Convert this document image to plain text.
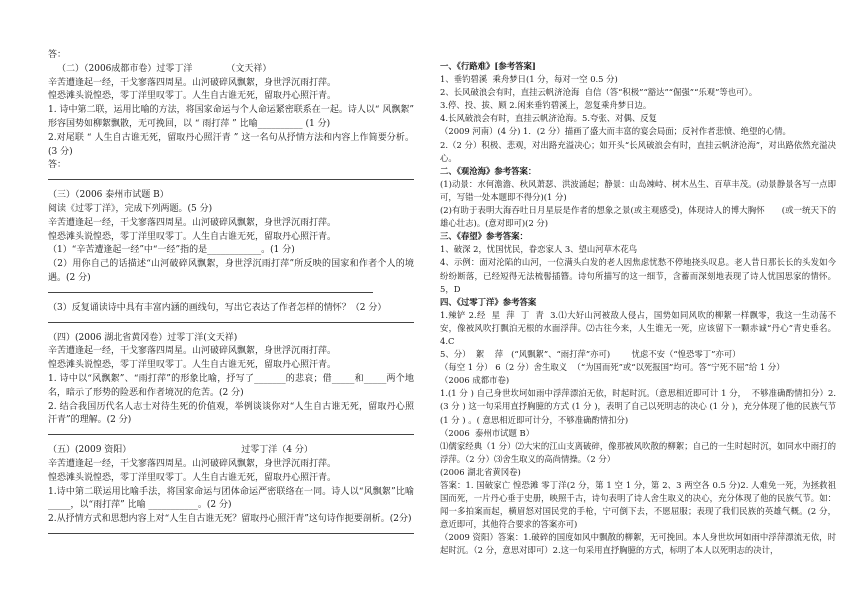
答：

（二）（2006成都市卷）过零丁洋	（文天祥）

辛苦遭逢起一经，干戈寥落四周星。山河破碎风飘絮，身世浮沉雨打萍。

惶恐滩头说惶恐，零丁洋里叹零丁。人生自古谁无死，留取丹心照汗青。

1. 诗中第二联，运用比喻的方法，将国家命运与个人命运紧密联系在一起。诗人以“ 风飘絮” 形容国势如柳絮飘散，无可挽回，以 “ 雨打萍 ” 比喻__________ (1 分)

2.对尾联 “ 人生自古谁无死，留取丹心照汗青 ” 这一名句从抒情方法和内容上作简要分析。 (3 分)

答：

（三）（2006 泰州市试题 B）

阅读《过零丁洋》，完成下列两题。(5 分)

辛苦遭逢起一经，干戈寥落四周星。山河破碎风飘絮，身世浮沉雨打萍。

惶恐滩头说惶恐，零丁洋里叹零丁。人生自古谁无死，留取丹心照汗青。

（1）“辛苦遭逢起一经”中“一经”指的是____________。(1 分)

（2）用你自己的话描述“山河破碎风飘絮，身世浮沉雨打萍”所反映的国家和作者个人的境遇。(2 分)

（3）反复诵读诗中具有丰富内涵的画线句，写出它表达了作者怎样的情怀？（2 分）

（四）(2006 湖北省黄冈卷）过零丁洋(文天祥)

辛苦遭逢起一经，干戈寥落四周星。山河破碎风飘絮，身世浮沉雨打萍。

惶恐滩头说惶恐，零丁洋里叹零丁。人生自古谁无死，留取丹心照汗青。

1. 诗中以“风飘絮”、“雨打萍”的形象比喻，抒写了_______的悲哀；借_____和_____两个地名，暗示了形势的险恶和作者境况的危苦。(2 分)

2. 结合我国历代名人志士对待生死的价值观，举例谈谈你对“人生自古谁无死，留取丹心照汗青”的理解。(2 分)

（五）(2009 资阳）	过零丁洋（4 分）

辛苦遭逢起一经，干戈寥落四周星。山河破碎风飘絮，身世浮沉雨打萍。

惶恐滩头说惶恐，零丁洋里叹零丁。人生自古谁无死，留取丹心照汗青。

1.诗中第二联运用比喻手法，将国家命运与团体命运严密联络在一同。诗人以“风飘絮”比喻_____，以“雨打萍” 比喻 ___________。(2 分)

2.从抒情方式和思想内容上对“人生自古谁无死？留取丹心照汗青”这句诗作扼要剖析。(2分)

一、《行路难》[参考答案]

1、垂钓碧溪  乘舟梦日(1 分，每对一空 0.5 分)

2、长风破浪会有时，直挂云帆济沧海  自信（答“积极”“豁达”“倔强”“乐观”等也可）。

3.停、投、拔、顾 2.闲来垂钓碧溪上，忽复乘舟梦日边。

4.长风破浪会有时，直挂云帆济沧海。5.夸张、对偶、反复

（2009 河南）(4 分) 1．(2 分）描画了盛大而丰富的宴会局面；反衬作者悲愤、绝望的心情。

2.（2 分）积极、悲观，对出路充溢决心；如开头“长风破浪会有时，直挂云帆济沧海”，对出路依然充溢决心。

二、《观沧海》参考答案：

(1)动景：水何澹澹、秋风萧瑟、洪波涌起；静景：山岛竦峙、树木丛生、百草丰茂。(动景静景各写一点即可，写错一处本题即不得分)(1 分)

(2)有助于表明大海吞吐日月星辰是作者的想象之景(或主观感受)，体现诗人的博大胸怀　　(或一统天下的雄心壮志)。(意对即可)(2 分)

三、《春望》参考答案：

1、破深 2，忧国忧民，眷恋家人 3、望山河草木花鸟

4、示例：面对沦陷的山河，一位满头白发的老人因焦虑忧愁不停地挠头叹息。老人昔日那长长的头发如今纷纷断落，已经短得无法梳髻插簪。诗句所描写的这一细节，含蓄而深刻地表现了诗人忧国思家的情怀。5，D

四、《过零丁洋》参考答案

1.辣铲 2.经  星  萍  丁  青  3.⑴大好山河被敌人侵占，国势如同风吹的柳絮一样飘零，我这一生动荡不安，像被风吹打飘泊无根的水面浮萍。⑵古往今来，人生谁无一死，应该留下一颗赤诚“丹心”青史垂名。4.C

5、分）  絮    萍   (“风飘絮”、“雨打萍”亦可)        忧虑不安（“惶恐零丁”亦可）

（每空 1 分） 6（2 分）舍生取义  （“为国而死”或“以死报国”均可。答“宁死不屈”给 1 分）

（2006 成都市卷)

1.(1 分 ) 自己身世坎坷如雨中浮萍漂泊无依，时起时沉。（意思相近即可计 1 分，  不够准确酌情扣分）2.(3 分 ) 这一句采用直抒胸臆的方式 (1 分 )，表明了自己以死明志的决心 (1 分 )，充分体现了他的民族气节 (1 分 ) 。( 意思相近即可计分，不够准确酌情扣分)

（2006  泰州市试题 B）

⑴儒家经典（1 分）⑵大宋的江山支离破碎，像那被风吹散的柳絮；自己的一生时起时沉，如同水中雨打的浮萍。（2 分）⑶舍生取义的高尚情操。（2 分）

(2006 湖北省黄冈卷)

答案：1. 国破家亡 惶恐滩 零丁洋(2 分，第 1 空 1 分，第 2、3 两空各 0.5 分)2. 人难免一死，为拯救祖国而死，一片丹心垂于史册，映照千古，诗句表明了诗人舍生取义的决心，充分体现了他的民族气节。如：闻一多拍案而起，横眉怒对国民党的手枪，宁可倒下去，不愿屈服；表现了我们民族的英雄气概。(2 分，意近即可，其他符合要求的答案亦可)

（2009 资阳）答案：1.破碎的国度如风中飘散的柳絮，无可挽回。本人身世坎坷如雨中浮萍漂流无依，时起时沉。（2 分，意思对即可）2.这一句采用直抒胸臆的方式，标明了本人以死明志的决计，
